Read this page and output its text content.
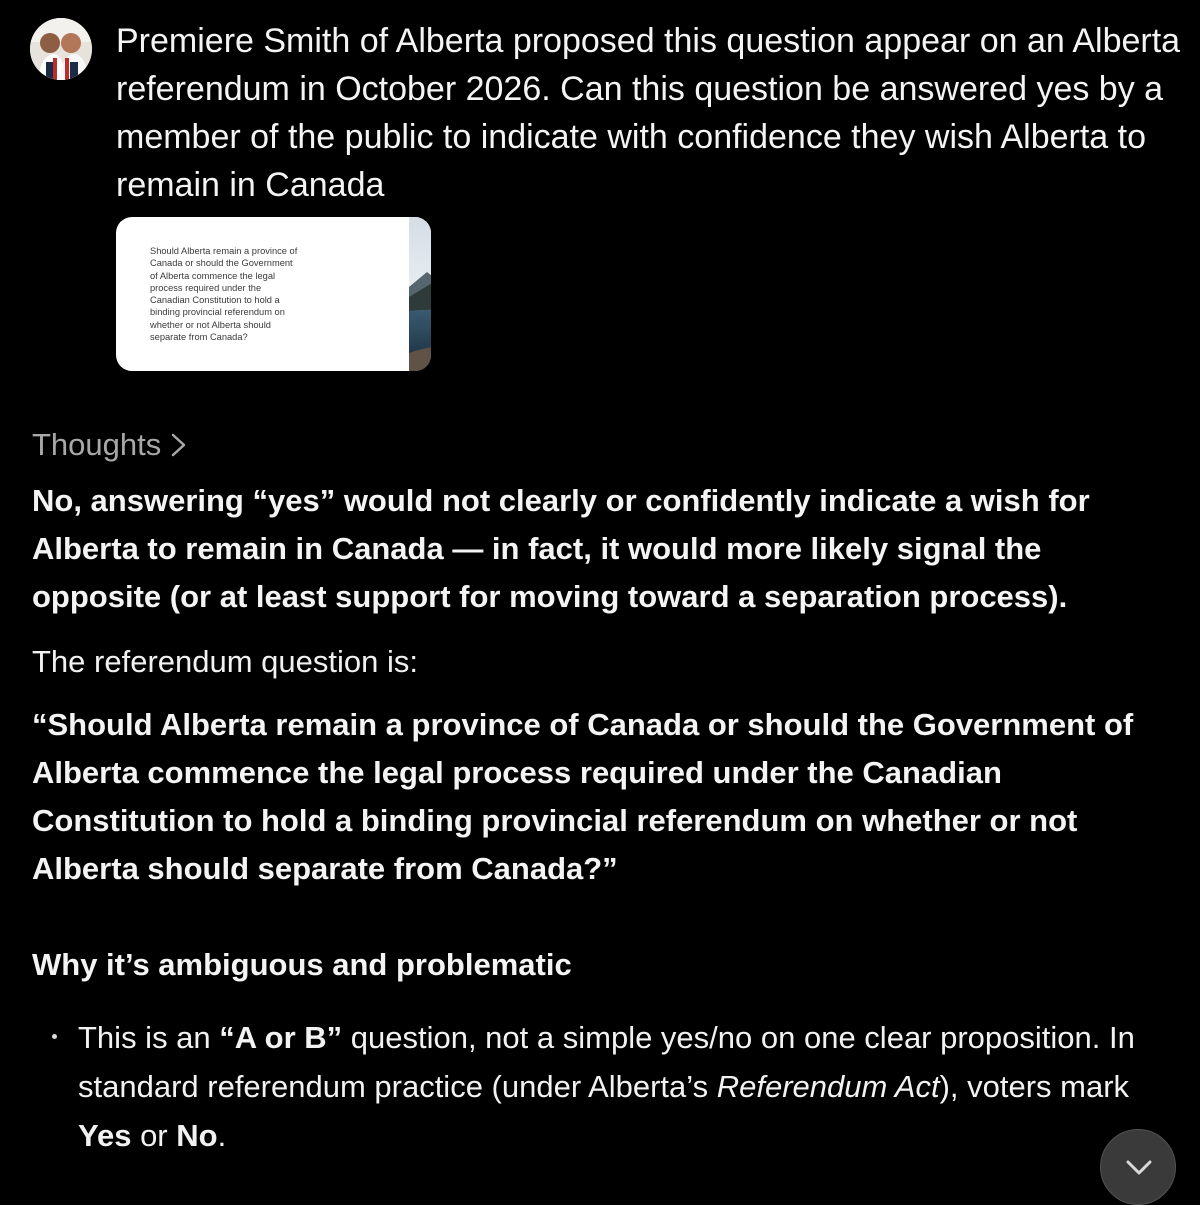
Premiere Smith of Alberta proposed this question appear on an Alberta referendum in October 2026. Can this question be answered yes by a member of the public to indicate with confidence they wish Alberta to remain in Canada

Should Alberta remain a province of Canada or should the Government of Alberta commence the legal process required under the Canadian Constitution to hold a binding provincial referendum on whether or not Alberta should separate from Canada?

Thoughts

No, answering “yes” would not clearly or confidently indicate a wish for Alberta to remain in Canada — in fact, it would more likely signal the opposite (or at least support for moving toward a separation process).

The referendum question is:

“Should Alberta remain a province of Canada or should the Government of Alberta commence the legal process required under the Canadian Constitution to hold a binding provincial referendum on whether or not Alberta should separate from Canada?”

Why it’s ambiguous and problematic
This is an “A or B” question, not a simple yes/no on one clear proposition. In standard referendum practice (under Alberta’s Referendum Act), voters mark Yes or No.
